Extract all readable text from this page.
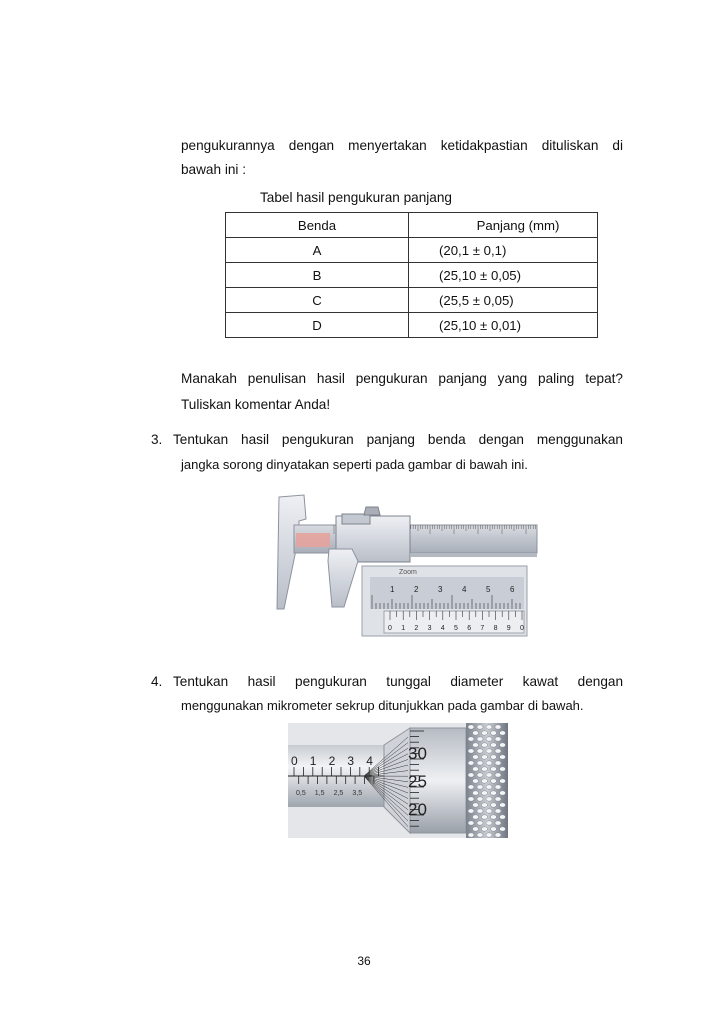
pengukurannya dengan menyertakan ketidakpastian dituliskan di
bawah ini :
Tabel hasil pengukuran panjang
Benda	Panjang (mm)
A	(20,1 ± 0,1)
B	(25,10 ± 0,05)
C	(25,5 ± 0,05)
D	(25,10 ± 0,01)
Manakah penulisan hasil pengukuran panjang yang paling tepat?
Tuliskan komentar Anda!
3. Tentukan hasil pengukuran panjang benda dengan menggunakan
jangka sorong dinyatakan seperti pada gambar di bawah ini.
Zoom
1 2 3 4 5 6
0 1 2 3 4 5 6 7 8 9 0
4. Tentukan hasil pengukuran tunggal diameter kawat dengan
menggunakan mikrometer sekrup ditunjukkan pada gambar di bawah.
0 1 2 3 4
0,5 1,5 2,5 3,5
30
25
20
36
